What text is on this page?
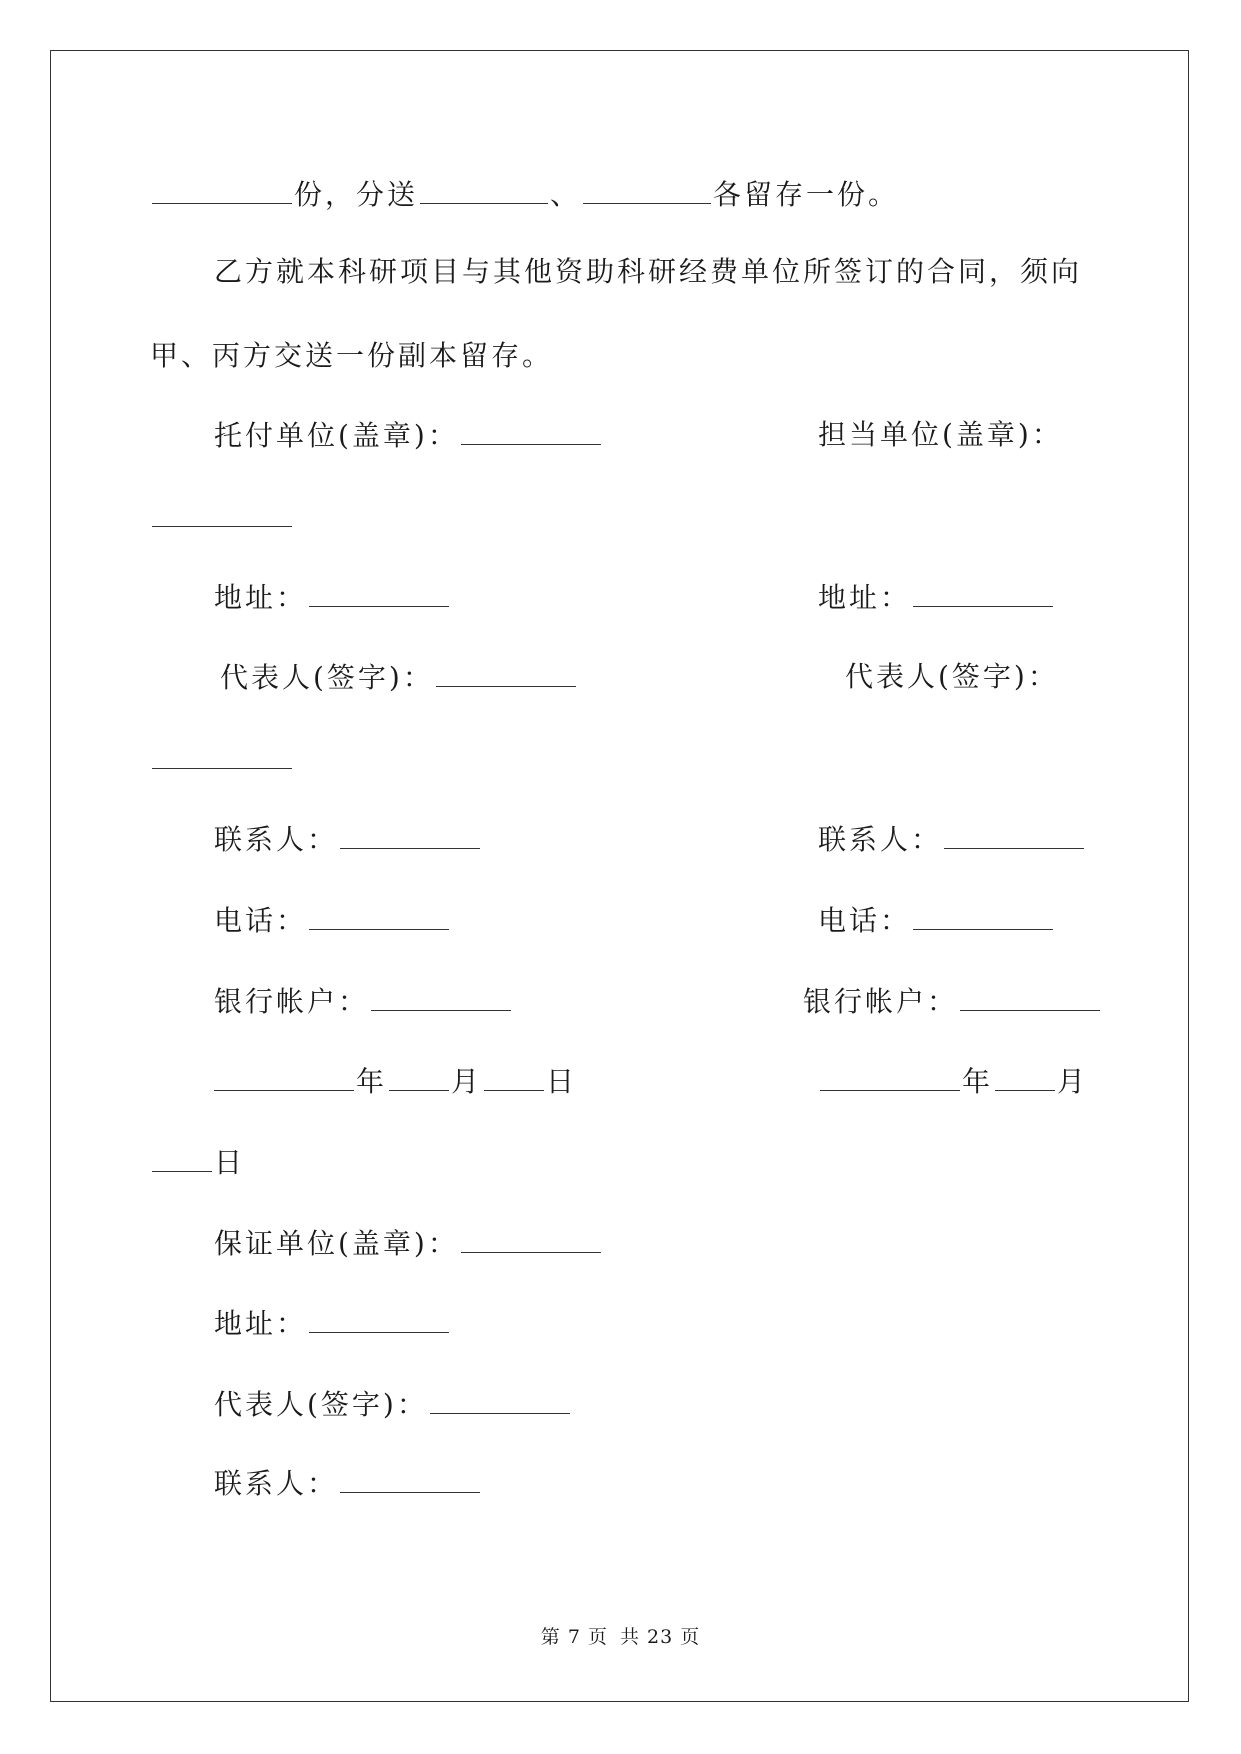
份，分送	、	各留存一份。
乙方就本科研项目与其他资助科研经费单位所签订的合同，须向
甲、丙方交送一份副本留存。
托付单位(盖章)：	担当单位(盖章)：
地址：	地址：
代表人(签字)：	代表人(签字)：
联系人：	联系人：
电话：	电话：
银行帐户：	银行帐户：
年 月 日	年 月
日
保证单位(盖章)：
地址：
代表人(签字)：
联系人：
第 7 页 共 23 页
